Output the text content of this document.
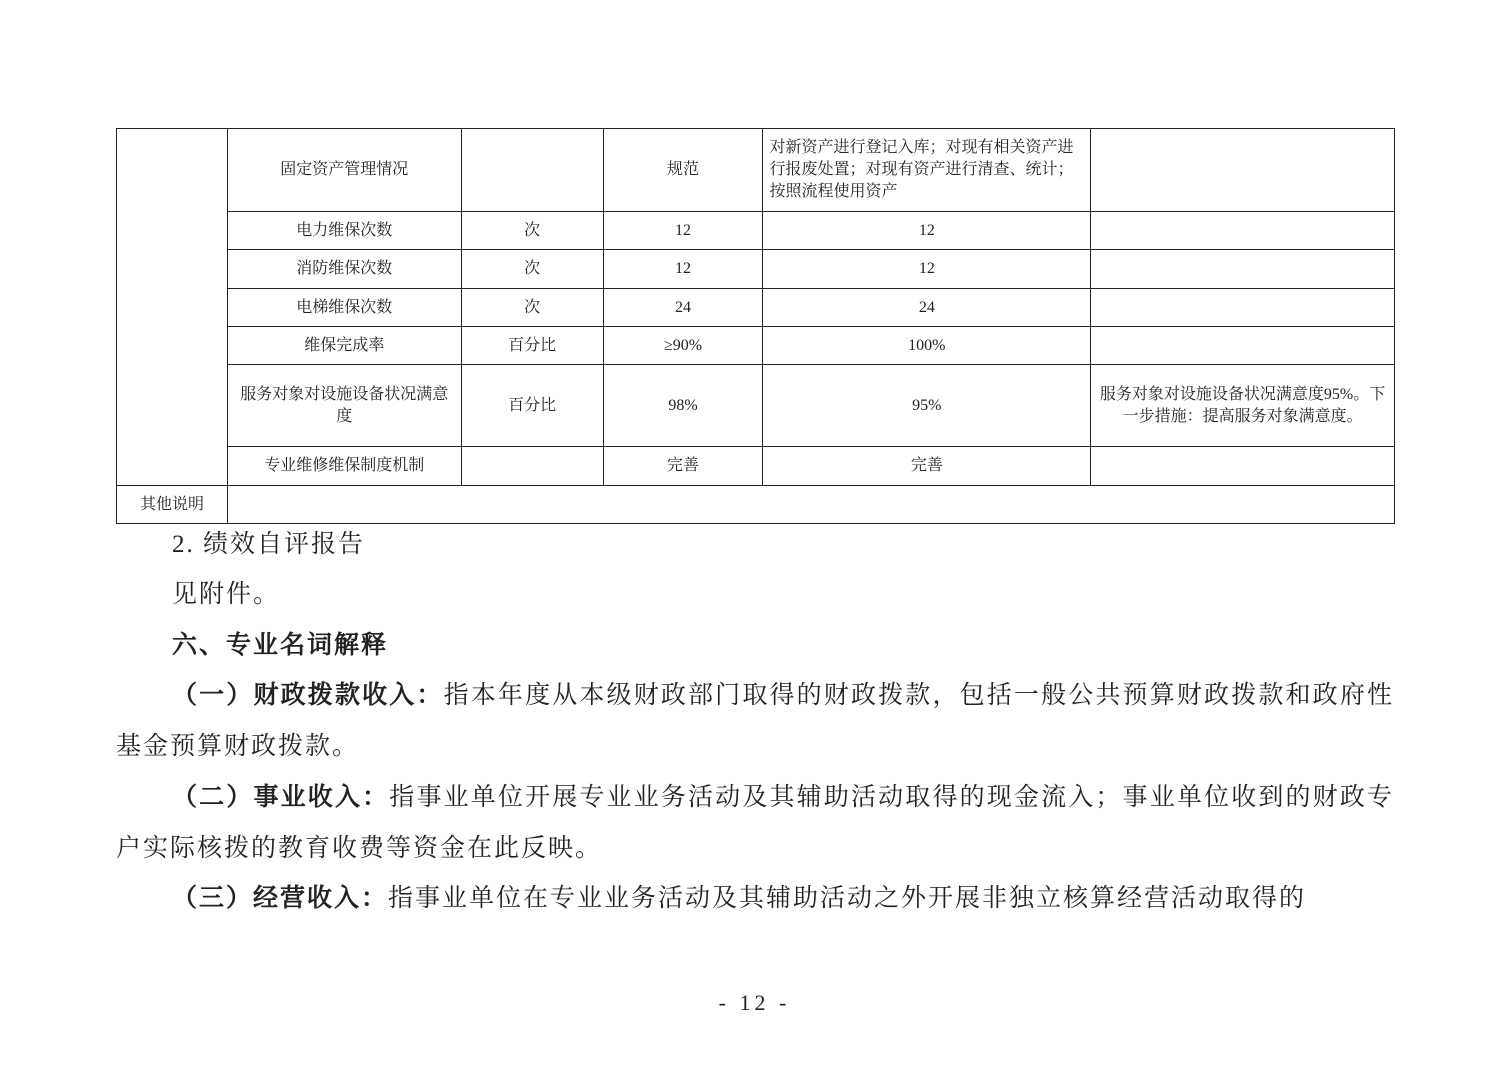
	固定资产管理情况		规范	对新资产进行登记入库；对现有相关资产进行报废处置；对现有资产进行清查、统计；按照流程使用资产	
	电力维保次数	次	12	12	
	消防维保次数	次	12	12	
	电梯维保次数	次	24	24	
	维保完成率	百分比	≥90%	100%	
	服务对象对设施设备状况满意度	百分比	98%	95%	服务对象对设施设备状况满意度95%。下一步措施：提高服务对象满意度。
	专业维修维保制度机制		完善	完善	
其他说明					
2. 绩效自评报告
见附件。
六、专业名词解释
（一）财政拨款收入：指本年度从本级财政部门取得的财政拨款，包括一般公共预算财政拨款和政府性基金预算财政拨款。
（二）事业收入：指事业单位开展专业业务活动及其辅助活动取得的现金流入；事业单位收到的财政专户实际核拨的教育收费等资金在此反映。
（三）经营收入：指事业单位在专业业务活动及其辅助活动之外开展非独立核算经营活动取得的
- 12 -
